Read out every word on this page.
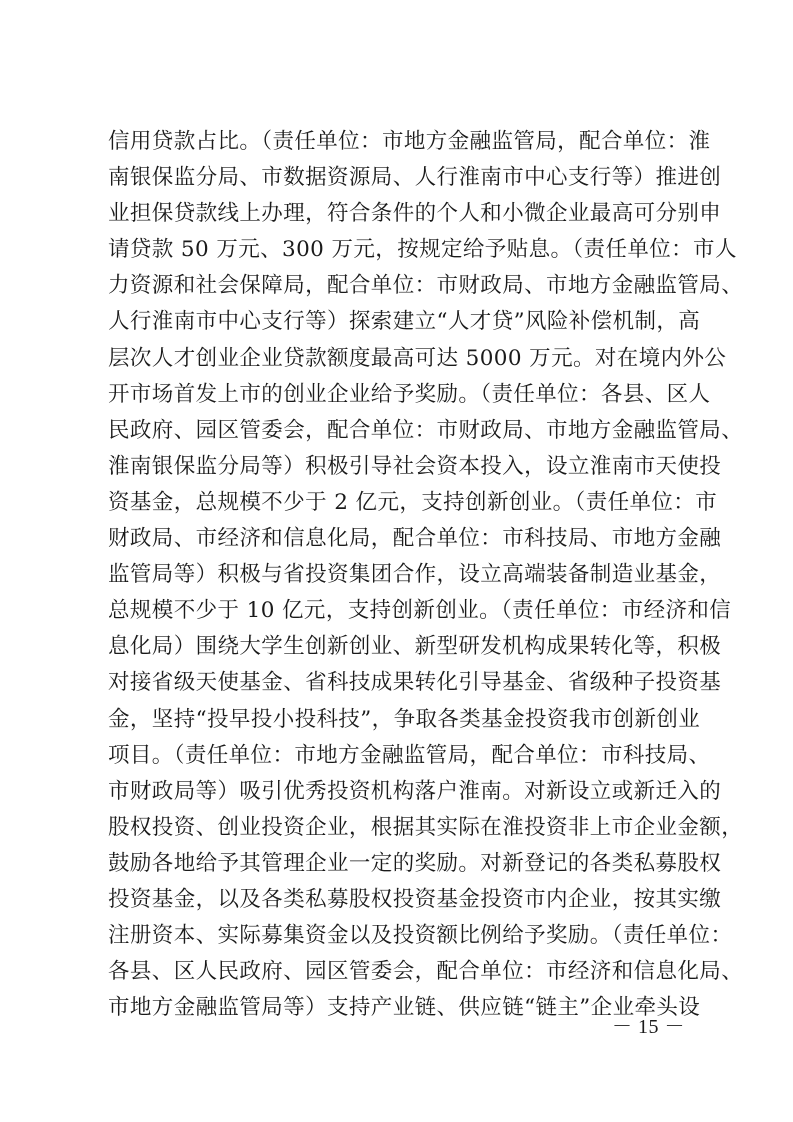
信用贷款占比。（责任单位：市地方金融监管局，配合单位：淮
南银保监分局、市数据资源局、人行淮南市中心支行等）推进创
业担保贷款线上办理，符合条件的个人和小微企业最高可分别申
请贷款 50 万元、300 万元，按规定给予贴息。（责任单位：市人
力资源和社会保障局，配合单位：市财政局、市地方金融监管局、
人行淮南市中心支行等）探索建立“人才贷”风险补偿机制，高
层次人才创业企业贷款额度最高可达 5000 万元。对在境内外公
开市场首发上市的创业企业给予奖励。（责任单位：各县、区人
民政府、园区管委会，配合单位：市财政局、市地方金融监管局、
淮南银保监分局等）积极引导社会资本投入，设立淮南市天使投
资基金，总规模不少于 2 亿元，支持创新创业。（责任单位：市
财政局、市经济和信息化局，配合单位：市科技局、市地方金融
监管局等）积极与省投资集团合作，设立高端装备制造业基金，
总规模不少于 10 亿元，支持创新创业。（责任单位：市经济和信
息化局）围绕大学生创新创业、新型研发机构成果转化等，积极
对接省级天使基金、省科技成果转化引导基金、省级种子投资基
金，坚持“投早投小投科技”，争取各类基金投资我市创新创业
项目。（责任单位：市地方金融监管局，配合单位：市科技局、
市财政局等）吸引优秀投资机构落户淮南。对新设立或新迁入的
股权投资、创业投资企业，根据其实际在淮投资非上市企业金额，
鼓励各地给予其管理企业一定的奖励。对新登记的各类私募股权
投资基金，以及各类私募股权投资基金投资市内企业，按其实缴
注册资本、实际募集资金以及投资额比例给予奖励。（责任单位：
各县、区人民政府、园区管委会，配合单位：市经济和信息化局、
市地方金融监管局等）支持产业链、供应链“链主”企业牵头设
－ 15 －
